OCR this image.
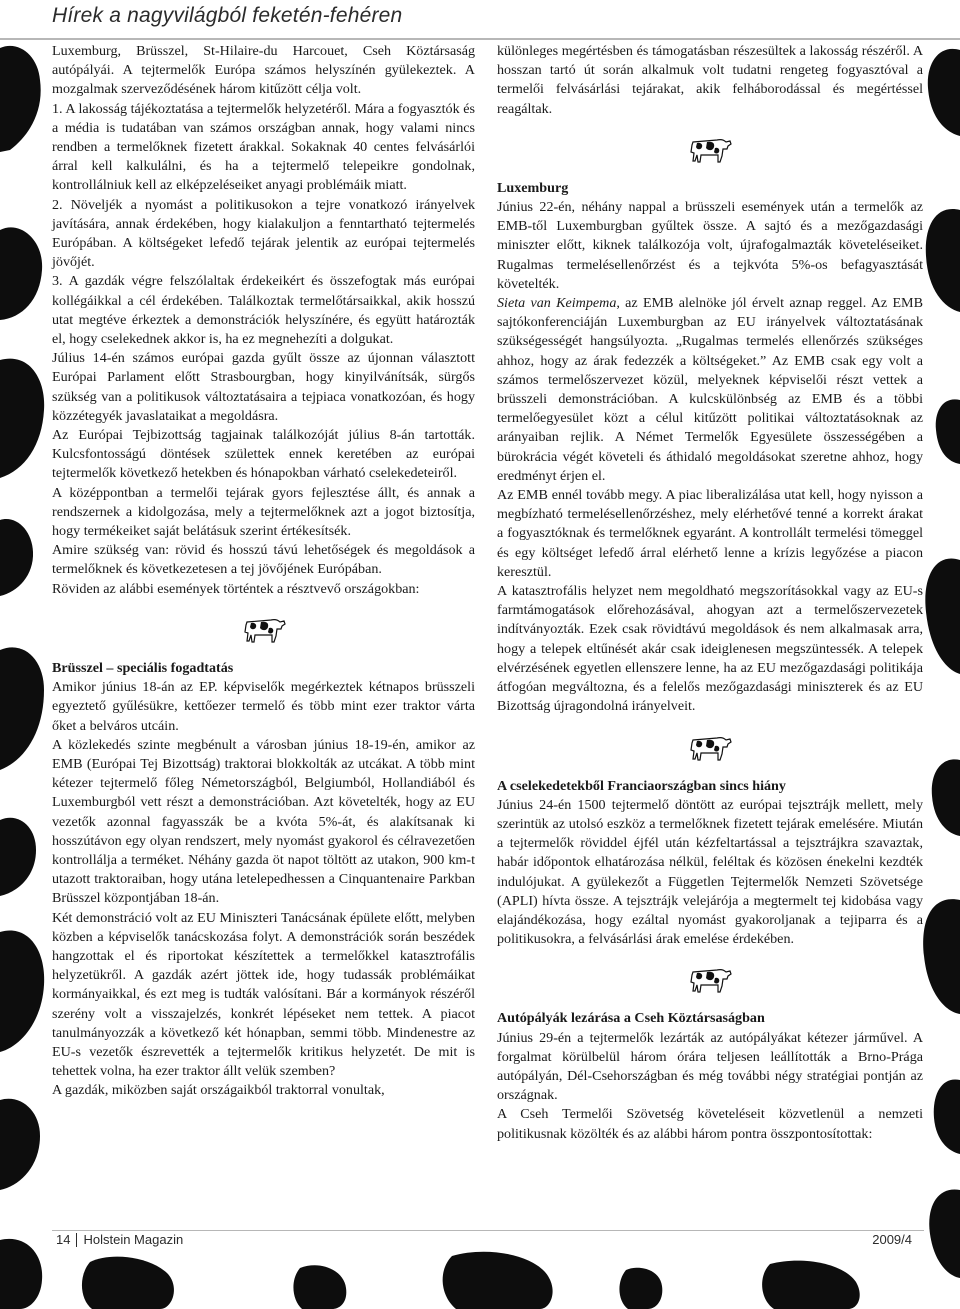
Hírek a nagyvilágból feketén-fehéren

Luxemburg, Brüsszel, St-Hilaire-du Harcouet, Cseh Köztársaság autópályái. A tejtermelők Európa számos helyszínén gyülekeztek. A mozgalmak szerveződésének három kitűzött célja volt.

1. A lakosság tájékoztatása a tejtermelők helyzetéről. Mára a fogyasztók és a média is tudatában van számos országban annak, hogy valami nincs rendben a termelőknek fizetett árakkal. Sokaknak 40 centes felvásárlói árral kell kalkulálni, és ha a tejtermelő telepeikre gondolnak, kontrollálniuk kell az elképzeléseiket anyagi problémáik miatt.

2. Növeljék a nyomást a politikusokon a tejre vonatkozó irányelvek javítására, annak érdekében, hogy kialakuljon a fenntartható tejtermelés Európában. A költségeket lefedő tejárak jelentik az európai tejtermelés jövőjét.

3. A gazdák végre felszólaltak érdekeikért és összefogtak más európai kollégáikkal a cél érdekében. Találkoztak termelőtársaikkal, akik hosszú utat megtéve érkeztek a demonstrációk helyszínére, és együtt határozták el, hogy cselekednek akkor is, ha ez megnehezíti a dolgukat.

Július 14-én számos európai gazda gyűlt össze az újonnan választott Európai Parlament előtt Strasbourgban, hogy kinyilvánítsák, sürgős szükség van a politikusok változtatásaira a tejpiaca vonatkozóan, és hogy közzétegyék javaslataikat a megoldásra.

Az Európai Tejbizottság tagjainak találkozóját július 8-án tartották. Kulcsfontosságú döntések születtek ennek keretében az európai tejtermelők következő hetekben és hónapokban várható cselekedeteiről.

A középpontban a termelői tejárak gyors fejlesztése állt, és annak a rendszernek a kidolgozása, mely a tejtermelőknek azt a jogot biztosítja, hogy termékeiket saját belátásuk szerint értékesítsék.

Amire szükség van: rövid és hosszú távú lehetőségek és megoldások a termelőknek és következetesen a tej jövőjének Európában.

Röviden az alábbi események történtek a résztvevő országokban:

Brüsszel – speciális fogadtatás

Amikor június 18-án az EP. képviselők megérkeztek kétnapos brüsszeli egyeztető gyűlésükre, kettőezer termelő és több mint ezer traktor várta őket a belváros utcáin.

A közlekedés szinte megbénult a városban június 18-19-én, amikor az EMB (Európai Tej Bizottság) traktorai blokkolták az utcákat. A több mint kétezer tejtermelő főleg Németországból, Belgiumból, Hollandiából és Luxemburgból vett részt a demonstrációban. Azt követelték, hogy az EU vezetők azonnal fagyasszák be a kvóta 5%-át, és alakítsanak ki hosszútávon egy olyan rendszert, mely nyomást gyakorol és célravezetően kontrollálja a terméket. Néhány gazda öt napot töltött az utakon, 900 km-t utazott traktoraiban, hogy utána letelepedhessen a Cinquantenaire Parkban Brüsszel központjában 18-án.

Két demonstráció volt az EU Miniszteri Tanácsának épülete előtt, melyben közben a képviselők tanácskozása folyt. A demonstrációk során beszédek hangzottak el és riportokat készítettek a termelőkkel katasztrofális helyzetükről. A gazdák azért jöttek ide, hogy tudassák problémáikat kormányaikkal, és ezt meg is tudták valósítani. Bár a kormányok részéről szerény volt a visszajelzés, konkrét lépéseket nem tettek. A piacot tanulmányozzák a következő két hónapban, semmi több. Mindenestre az EU-s vezetők észrevették a tejtermelők kritikus helyzetét. De mit is tehettek volna, ha ezer traktor állt velük szemben?

A gazdák, miközben saját országaikból traktorral vonultak,

különleges megértésben és támogatásban részesültek a lakosság részéről. A hosszan tartó út során alkalmuk volt tudatni rengeteg fogyasztóval a termelői felvásárlási tejárakat, akik felháborodással és megértéssel reagáltak.

Luxemburg

Június 22-én, néhány nappal a brüsszeli események után a termelők az EMB-től Luxemburgban gyűltek össze. A sajtó és a mezőgazdasági miniszter előtt, kiknek találkozója volt, újrafogalmazták követeléseiket. Rugalmas termelésellenőrzést és a tejkvóta 5%-os befagyasztását követelték.

Sieta van Keimpema, az EMB alelnöke jól érvelt aznap reggel. Az EMB sajtókonferenciáján Luxemburgban az EU irányelvek változtatásának szükségességét hangsúlyozta. „Rugalmas termelés ellenőrzés szükséges ahhoz, hogy az árak fedezzék a költségeket.” Az EMB csak egy volt a számos termelőszervezet közül, melyeknek képviselői részt vettek a brüsszeli demonstrációban. A kulcskülönbség az EMB és a többi termelőegyesület közt a célul kitűzött politikai változtatásoknak az arányaiban rejlik. A Német Termelők Egyesülete összességében a bürokrácia végét követeli és áthidaló megoldásokat szeretne ahhoz, hogy eredményt érjen el.

Az EMB ennél tovább megy. A piac liberalizálása utat kell, hogy nyisson a megbízható termelésellenőrzéshez, mely elérhetővé tenné a korrekt árakat a fogyasztóknak és termelőknek egyaránt. A kontrollált termelési tömeggel és egy költséget lefedő árral elérhető lenne a krízis legyőzése a piacon keresztül.

A katasztrofális helyzet nem megoldható megszorításokkal vagy az EU-s farmtámogatások előrehozásával, ahogyan azt a termelőszervezetek indítványozták. Ezek csak rövidtávú megoldások és nem alkalmasak arra, hogy a telepek eltűnését akár csak ideiglenesen megszüntessék. A telepek elvérzésének egyetlen ellenszere lenne, ha az EU mezőgazdasági politikája átfogóan megváltozna, és a felelős mezőgazdasági miniszterek és az EU Bizottság újragondolná irányelveit.

A cselekedetekből Franciaországban sincs hiány

Június 24-én 1500 tejtermelő döntött az európai tejsztrájk mellett, mely szerintük az utolsó eszköz a termelőknek fizetett tejárak emelésére. Miután a tejtermelők röviddel éjfél után kézfeltartással a tejsztrájkra szavaztak, habár időpontok elhatározása nélkül, feléltak és közösen énekelni kezdték indulójukat. A gyülekezőt a Független Tejtermelők Nemzeti Szövetsége (APLI) hívta össze. A tejsztrájk velejárója a megtermelt tej kidobása vagy elajándékozása, hogy ezáltal nyomást gyakoroljanak a tejiparra és a politikusokra, a felvásárlási árak emelése érdekében.

Autópályák lezárása a Cseh Köztársaságban

Június 29-én a tejtermelők lezárták az autópályákat kétezer járművel. A forgalmat körülbelül három órára teljesen leállították a Brno-Prága autópályán, Dél-Csehországban és még további négy stratégiai pontján az országnak.

A Cseh Termelői Szövetség követeléseit közvetlenül a nemzeti politikusnak közölték és az alábbi három pontra összpontosítottak:

14 Holstein Magazin	2009/4
